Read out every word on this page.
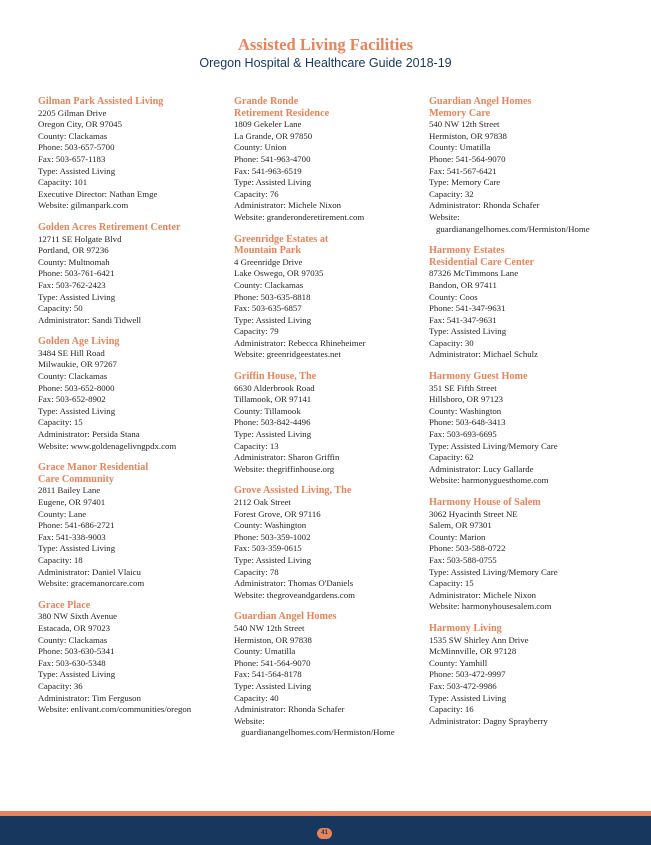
Assisted Living Facilities
Oregon Hospital & Healthcare Guide 2018-19
Gilman Park Assisted Living
2205 Gilman Drive
Oregon City, OR 97045
County: Clackamas
Phone: 503-657-5700
Fax: 503-657-1183
Type: Assisted Living
Capacity: 101
Executive Director: Nathan Emge
Website: gilmanpark.com
Golden Acres Retirement Center
12711 SE Holgate Blvd
Portland, OR 97236
County: Multnomah
Phone: 503-761-6421
Fax: 503-762-2423
Type: Assisted Living
Capacity: 50
Administrator: Sandi Tidwell
Golden Age Living
3484 SE Hill Road
Milwaukie, OR 97267
County: Clackamas
Phone: 503-652-8000
Fax: 503-652-8902
Type: Assisted Living
Capacity: 15
Administrator: Persida Stana
Website: www.goldenagelivngpdx.com
Grace Manor Residential
Care Community
2811 Bailey Lane
Eugene, OR 97401
County: Lane
Phone: 541-686-2721
Fax: 541-338-9003
Type: Assisted Living
Capacity: 18
Administrator: Daniel Vlaicu
Website: gracemanorcare.com
Grace Place
380 NW Sixth Avenue
Estacada, OR 97023
County: Clackamas
Phone: 503-630-5341
Fax: 503-630-5348
Type: Assisted Living
Capacity: 36
Administrator: Tim Ferguson
Website: enlivant.com/communities/oregon
Grande Ronde
Retirement Residence
1809 Gekeler Lane
La Grande, OR 97850
County: Union
Phone: 541-963-4700
Fax: 541-963-6519
Type: Assisted Living
Capacity: 76
Administrator: Michele Nixon
Website: granderonderetirement.com
Greenridge Estates at
Mountain Park
4 Greenridge Drive
Lake Oswego, OR 97035
County: Clackamas
Phone: 503-635-8818
Fax: 503-635-6857
Type: Assisted Living
Capacity: 79
Administrator: Rebecca Rhineheimer
Website: greenridgeestates.net
Griffin House, The
6630 Alderbrook Road
Tillamook, OR 97141
County: Tillamook
Phone: 503-842-4496
Type: Assisted Living
Capacity: 13
Administrator: Sharon Griffin
Website: thegriffinhouse.org
Grove Assisted Living, The
2112 Oak Street
Forest Grove, OR 97116
County: Washington
Phone: 503-359-1002
Fax: 503-359-0615
Type: Assisted Living
Capacity: 78
Administrator: Thomas O'Daniels
Website: thegroveandgardens.com
Guardian Angel Homes
540 NW 12th Street
Hermiston, OR 97838
County: Umatilla
Phone: 541-564-9070
Fax: 541-564-8178
Type: Assisted Living
Capacity: 40
Administrator: Rhonda Schafer
Website:
guardianangelhomes.com/Hermiston/Home
Guardian Angel Homes
Memory Care
540 NW 12th Street
Hermiston, OR 97838
County: Umatilla
Phone: 541-564-9070
Fax: 541-567-6421
Type: Memory Care
Capacity: 32
Administrator: Rhonda Schafer
Website:
guardianangelhomes.com/Hermiston/Home
Harmony Estates
Residential Care Center
87326 McTimmons Lane
Bandon, OR 97411
County: Coos
Phone: 541-347-9631
Fax: 541-347-9631
Type: Assisted Living
Capacity: 30
Administrator: Michael Schulz
Harmony Guest Home
351 SE Fifth Street
Hillsboro, OR 97123
County: Washington
Phone: 503-648-3413
Fax: 503-693-6695
Type: Assisted Living/Memory Care
Capacity: 62
Administrator: Lucy Gallarde
Website: harmonyguesthome.com
Harmony House of Salem
3062 Hyacinth Street NE
Salem, OR 97301
County: Marion
Phone: 503-588-0722
Fax: 503-588-0755
Type: Assisted Living/Memory Care
Capacity: 15
Administrator: Michele Nixon
Website: harmonyhousesalem.com
Harmony Living
1535 SW Shirley Ann Drive
McMinnville, OR 97128
County: Yamhill
Phone: 503-472-9997
Fax: 503-472-9986
Type: Assisted Living
Capacity: 16
Administrator: Dagny Sprayberry
41
